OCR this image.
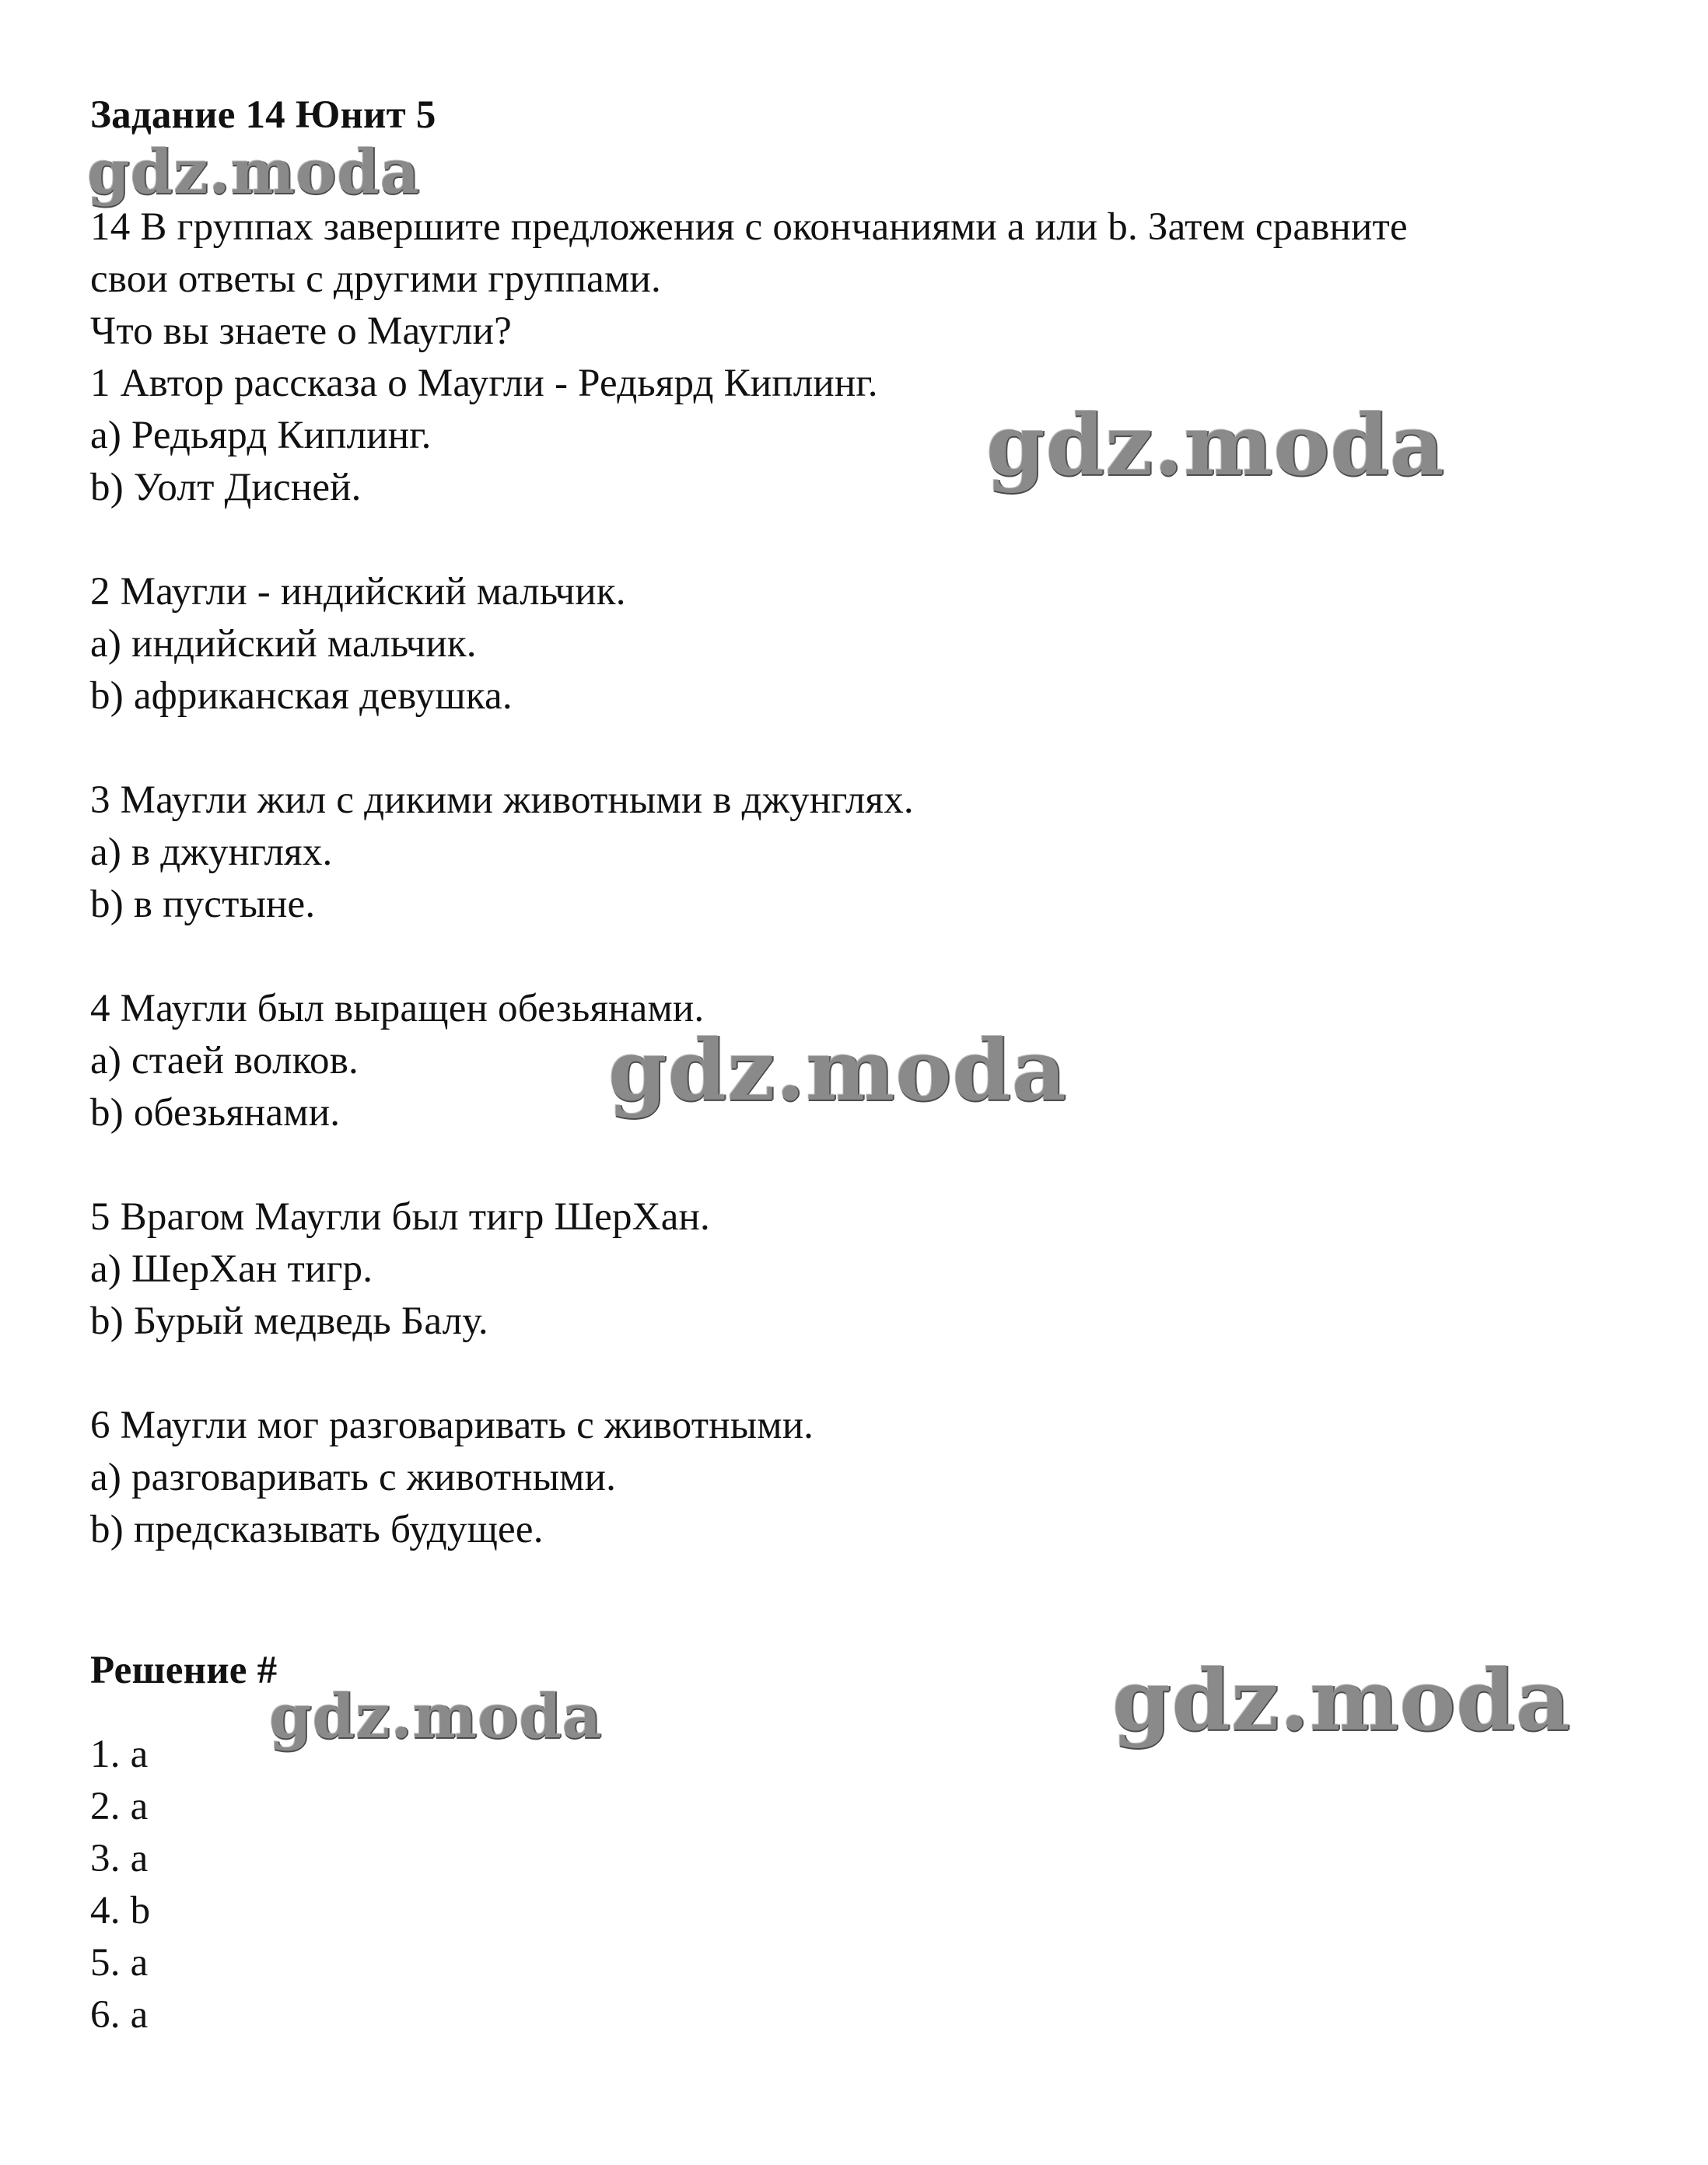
Задание 14 Юнит 5
gdz.moda
14 В группах завершите предложения с окончаниями a или b. Затем сравните
свои ответы с другими группами.
Что вы знаете о Маугли?
1 Автор рассказа о Маугли - Редьярд Киплинг.
a) Редьярд Киплинг.
b) Уолт Дисней.	gdz.moda
2 Маугли - индийский мальчик.
a) индийский мальчик.
b) африканская девушка.
3 Маугли жил с дикими животными в джунглях.
a) в джунглях.
b) в пустыне.
4 Маугли был выращен обезьянами.
a) стаей волков.
b) обезьянами.	gdz.moda
5 Врагом Маугли был тигр ШерХан.
a) ШерХан тигр.
b) Бурый медведь Балу.
6 Маугли мог разговаривать с животными.
a) разговаривать с животными.
b) предсказывать будущее.
Решение #
gdz.moda	gdz.moda
1. a
2. a
3. a
4. b
5. a
6. a
